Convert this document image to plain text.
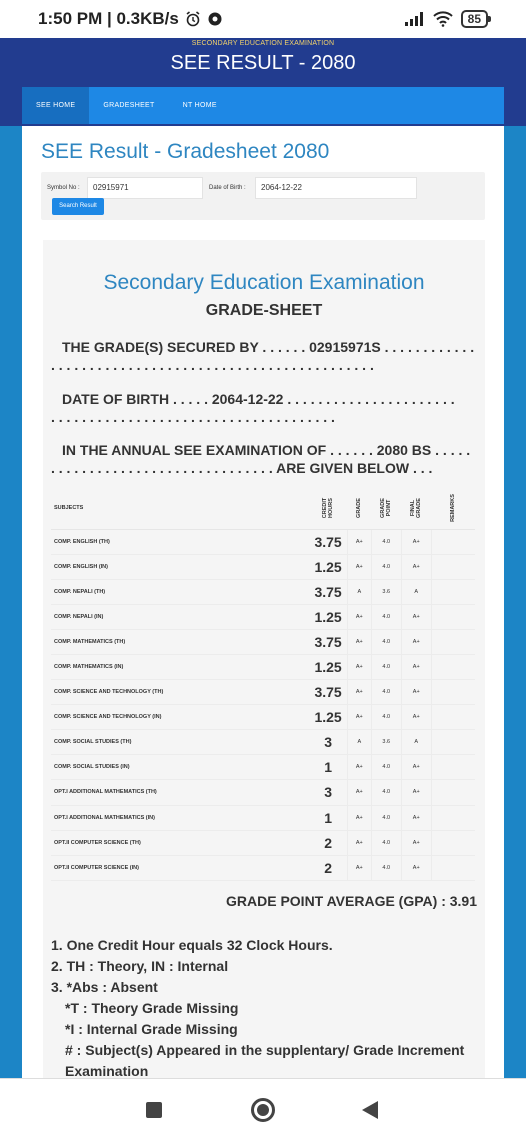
1:50 PM | 0.3KB/s	85
SECONDARY EDUCATION EXAMINATION
SEE RESULT - 2080
SEE HOME	GRADESHEET	NT HOME
SEE Result - Gradesheet 2080
Symbol No :	02915971	Date of Birth :	2064-12-22
Search Result
Secondary Education Examination
GRADE-SHEET
THE GRADE(S) SECURED BY . . . . . . 02915971S . . . . . . . . . . . .
. . . . . . . . . . . . . . . . . . . . . . . . . . . . . . . . . . . . . . . . . .
DATE OF BIRTH . . . . . 2064-12-22 . . . . . . . . . . . . . . . . . . . . . .
. . . . . . . . . . . . . . . . . . . . . . . . . . . . . . . . . . . . .
IN THE ANNUAL SEE EXAMINATION OF . . . . . . 2080 BS . . . . .
. . . . . . . . . . . . . . . . . . . . . . . . . . . . . ARE GIVEN BELOW . . .
SUBJECTS	CREDIT HOURS	GRADE	GRADE POINT	FINAL GRADE	REMARKS
COMP. ENGLISH (TH)	3.75	A+	4.0	A+	
COMP. ENGLISH (IN)	1.25	A+	4.0	A+	
COMP. NEPALI (TH)	3.75	A	3.6	A	
COMP. NEPALI (IN)	1.25	A+	4.0	A+	
COMP. MATHEMATICS (TH)	3.75	A+	4.0	A+	
COMP. MATHEMATICS (IN)	1.25	A+	4.0	A+	
COMP. SCIENCE AND TECHNOLOGY (TH)	3.75	A+	4.0	A+	
COMP. SCIENCE AND TECHNOLOGY (IN)	1.25	A+	4.0	A+	
COMP. SOCIAL STUDIES (TH)	3	A	3.6	A	
COMP. SOCIAL STUDIES (IN)	1	A+	4.0	A+	
OPT.I ADDITIONAL MATHEMATICS (TH)	3	A+	4.0	A+	
OPT.I ADDITIONAL MATHEMATICS (IN)	1	A+	4.0	A+	
OPT.II COMPUTER SCIENCE (TH)	2	A+	4.0	A+	
OPT.II COMPUTER SCIENCE (IN)	2	A+	4.0	A+	
GRADE POINT AVERAGE (GPA) : 3.91
1. One Credit Hour equals 32 Clock Hours.
2. TH : Theory, IN : Internal
3. *Abs : Absent
*T : Theory Grade Missing
*I : Internal Grade Missing
# : Subject(s) Appeared in the supplentary/ Grade Increment Examination
